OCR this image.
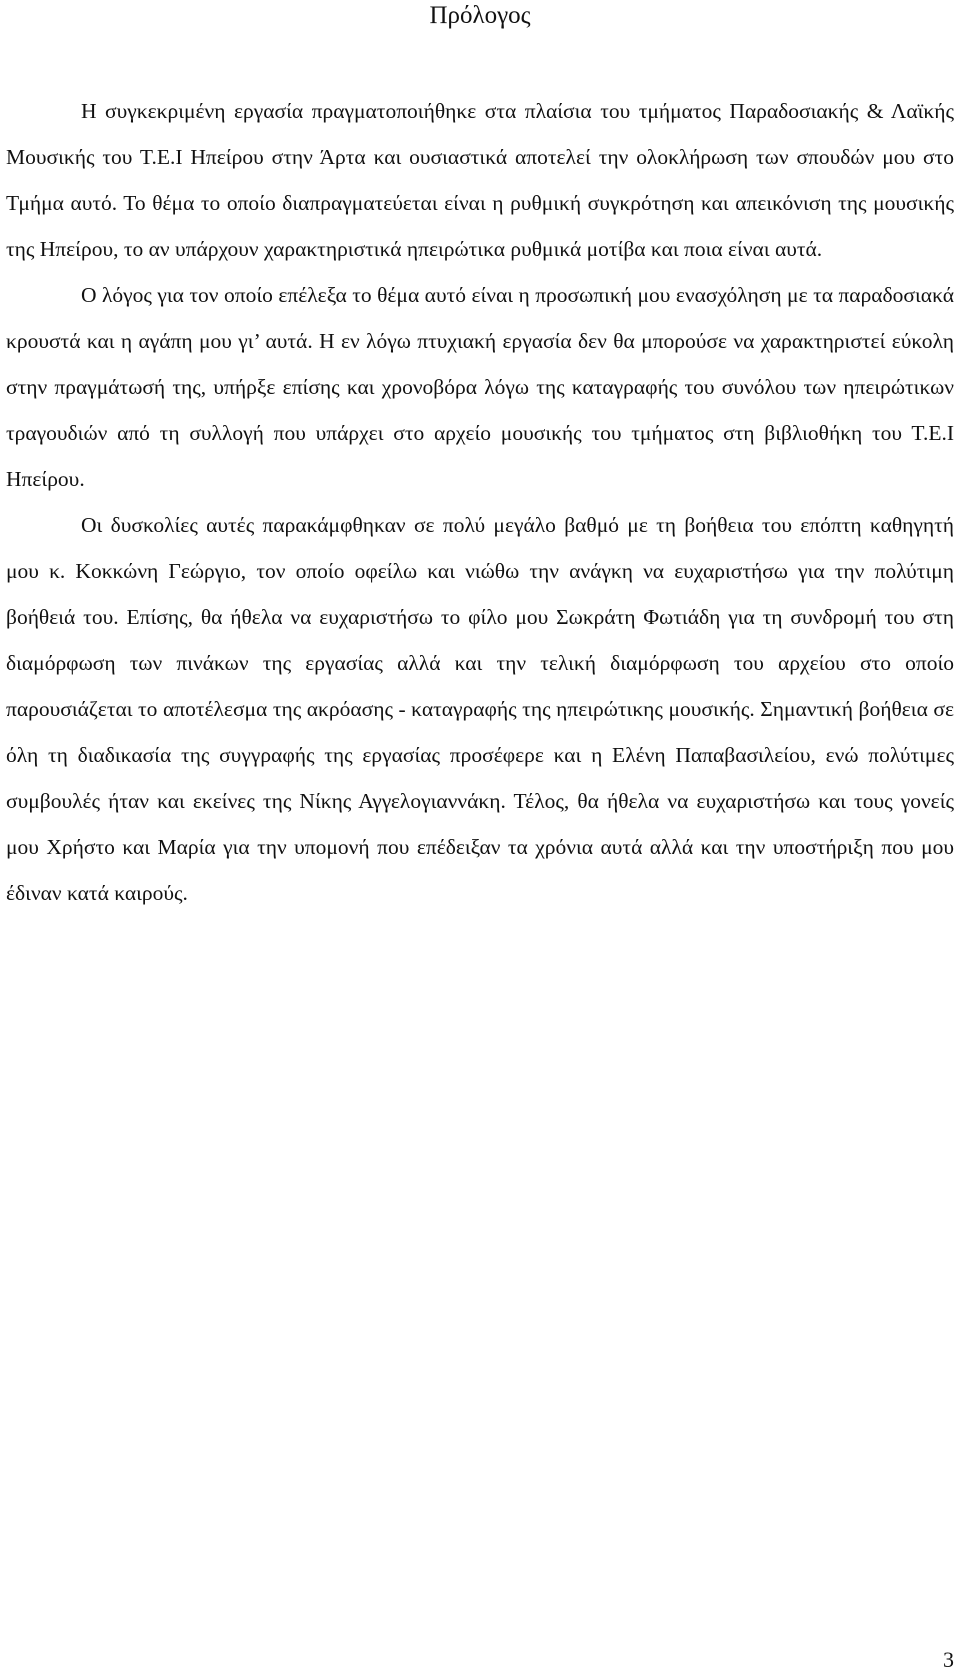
Πρόλογος

Η συγκεκριμένη εργασία πραγματοποιήθηκε στα πλαίσια του τμήματος Παραδοσιακής & Λαϊκής Μουσικής του Τ.Ε.Ι Ηπείρου στην Άρτα και ουσιαστικά αποτελεί την ολοκλήρωση των σπουδών μου στο Τμήμα αυτό. Το θέμα το οποίο διαπραγματεύεται είναι η ρυθμική συγκρότηση και απεικόνιση της μουσικής της Ηπείρου, το αν υπάρχουν χαρακτηριστικά ηπειρώτικα ρυθμικά μοτίβα και ποια είναι αυτά.

Ο λόγος για τον οποίο επέλεξα το θέμα αυτό είναι η προσωπική μου ενασχόληση με τα παραδοσιακά κρουστά και η αγάπη μου γι’ αυτά. Η εν λόγω πτυχιακή εργασία δεν θα μπορούσε να χαρακτηριστεί εύκολη στην πραγμάτωσή της, υπήρξε επίσης και χρονοβόρα λόγω της καταγραφής του συνόλου των ηπειρώτικων τραγουδιών από τη συλλογή που υπάρχει στο αρχείο μουσικής του τμήματος στη βιβλιοθήκη του Τ.Ε.Ι Ηπείρου.

Οι δυσκολίες αυτές παρακάμφθηκαν σε πολύ μεγάλο βαθμό με τη βοήθεια του επόπτη καθηγητή μου κ. Κοκκώνη Γεώργιο, τον οποίο οφείλω και νιώθω την ανάγκη να ευχαριστήσω για την πολύτιμη βοήθειά του. Επίσης, θα ήθελα να ευχαριστήσω το φίλο μου Σωκράτη Φωτιάδη για τη συνδρομή του στη διαμόρφωση των πινάκων της εργασίας αλλά και την τελική διαμόρφωση του αρχείου στο οποίο παρουσιάζεται το αποτέλεσμα της ακρόασης - καταγραφής της ηπειρώτικης μουσικής. Σημαντική βοήθεια σε όλη τη διαδικασία της συγγραφής της εργασίας προσέφερε και η Ελένη Παπαβασιλείου, ενώ πολύτιμες συμβουλές ήταν και εκείνες της Νίκης Αγγελογιαννάκη. Τέλος, θα ήθελα να ευχαριστήσω και τους γονείς μου Χρήστο και Μαρία για την υπομονή που επέδειξαν τα χρόνια αυτά αλλά και την υποστήριξη που μου έδιναν κατά καιρούς.

3
